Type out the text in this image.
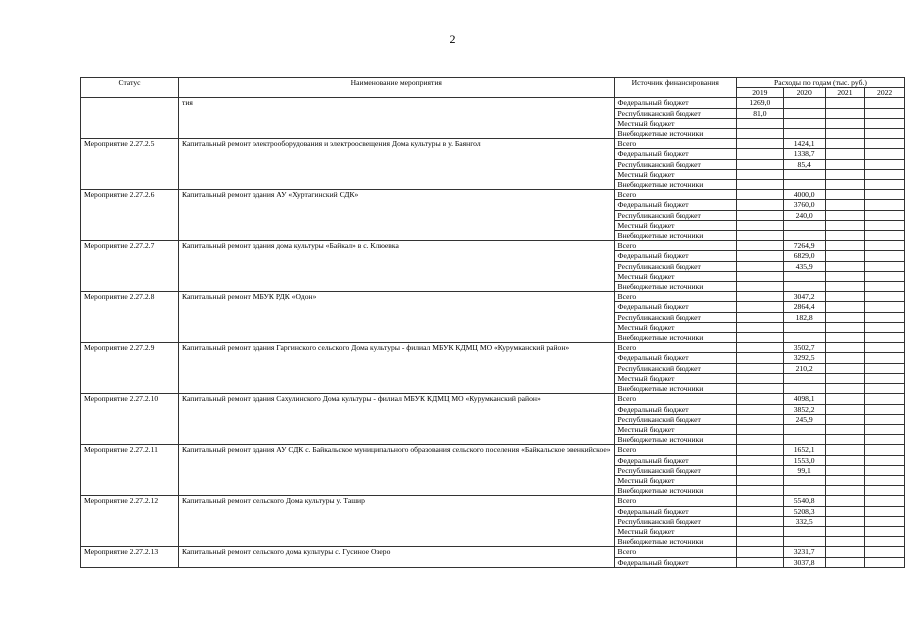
2
Статус	Наименование мероприятия	Источник финансирования	Расходы по годам (тыс. руб.)			
			2019	2020	2021	2022
	тия	Федеральный бюджет	1269,0			
		Республиканский бюджет	81,0			
		Местный бюджет				
		Внебюджетные источники				
Мероприятие 2.27.2.5	Капитальный ремонт электрооборудования и электроосвещения Дома культуры в у. Баянгол	Всего		1424,1		
		Федеральный бюджет		1338,7		
		Республиканский бюджет		85,4		
		Местный бюджет				
		Внебюджетные источники				
Мероприятие 2.27.2.6	Капитальный ремонт здания АУ «Хуртагинский СДК»	Всего		4000,0		
		Федеральный бюджет		3760,0		
		Республиканский бюджет		240,0		
		Местный бюджет				
		Внебюджетные источники				
Мероприятие 2.27.2.7	Капитальный ремонт здания дома культуры «Байкал» в с. Клюевка	Всего		7264,9		
		Федеральный бюджет		6829,0		
		Республиканский бюджет		435,9		
		Местный бюджет				
		Внебюджетные источники				
Мероприятие 2.27.2.8	Капитальный ремонт МБУК РДК «Одон»	Всего		3047,2		
		Федеральный бюджет		2864,4		
		Республиканский бюджет		182,8		
		Местный бюджет				
		Внебюджетные источники				
Мероприятие 2.27.2.9	Капитальный ремонт здания Гаргинского сельского Дома культуры - филиал МБУК КДМЦ МО «Курумканский район»	Всего		3502,7		
		Федеральный бюджет		3292,5		
		Республиканский бюджет		210,2		
		Местный бюджет				
		Внебюджетные источники				
Мероприятие 2.27.2.10	Капитальный ремонт здания Сахулинского Дома культуры - филиал МБУК КДМЦ МО «Курумканский район»	Всего		4098,1		
		Федеральный бюджет		3852,2		
		Республиканский бюджет		245,9		
		Местный бюджет				
		Внебюджетные источники				
Мероприятие 2.27.2.11	Капитальный ремонт здания АУ СДК с. Байкальское муниципального образования сельского поселения «Байкальское эвенкийское»	Всего		1652,1		
		Федеральный бюджет		1553,0		
		Республиканский бюджет		99,1		
		Местный бюджет				
		Внебюджетные источники				
Мероприятие 2.27.2.12	Капитальный ремонт сельского Дома культуры у. Ташир	Всего		5540,8		
		Федеральный бюджет		5208,3		
		Республиканский бюджет		332,5		
		Местный бюджет				
		Внебюджетные источники				
Мероприятие 2.27.2.13	Капитальный ремонт сельского дома культуры с. Гусиное Озеро	Всего		3231,7		
		Федеральный бюджет		3037,8		
